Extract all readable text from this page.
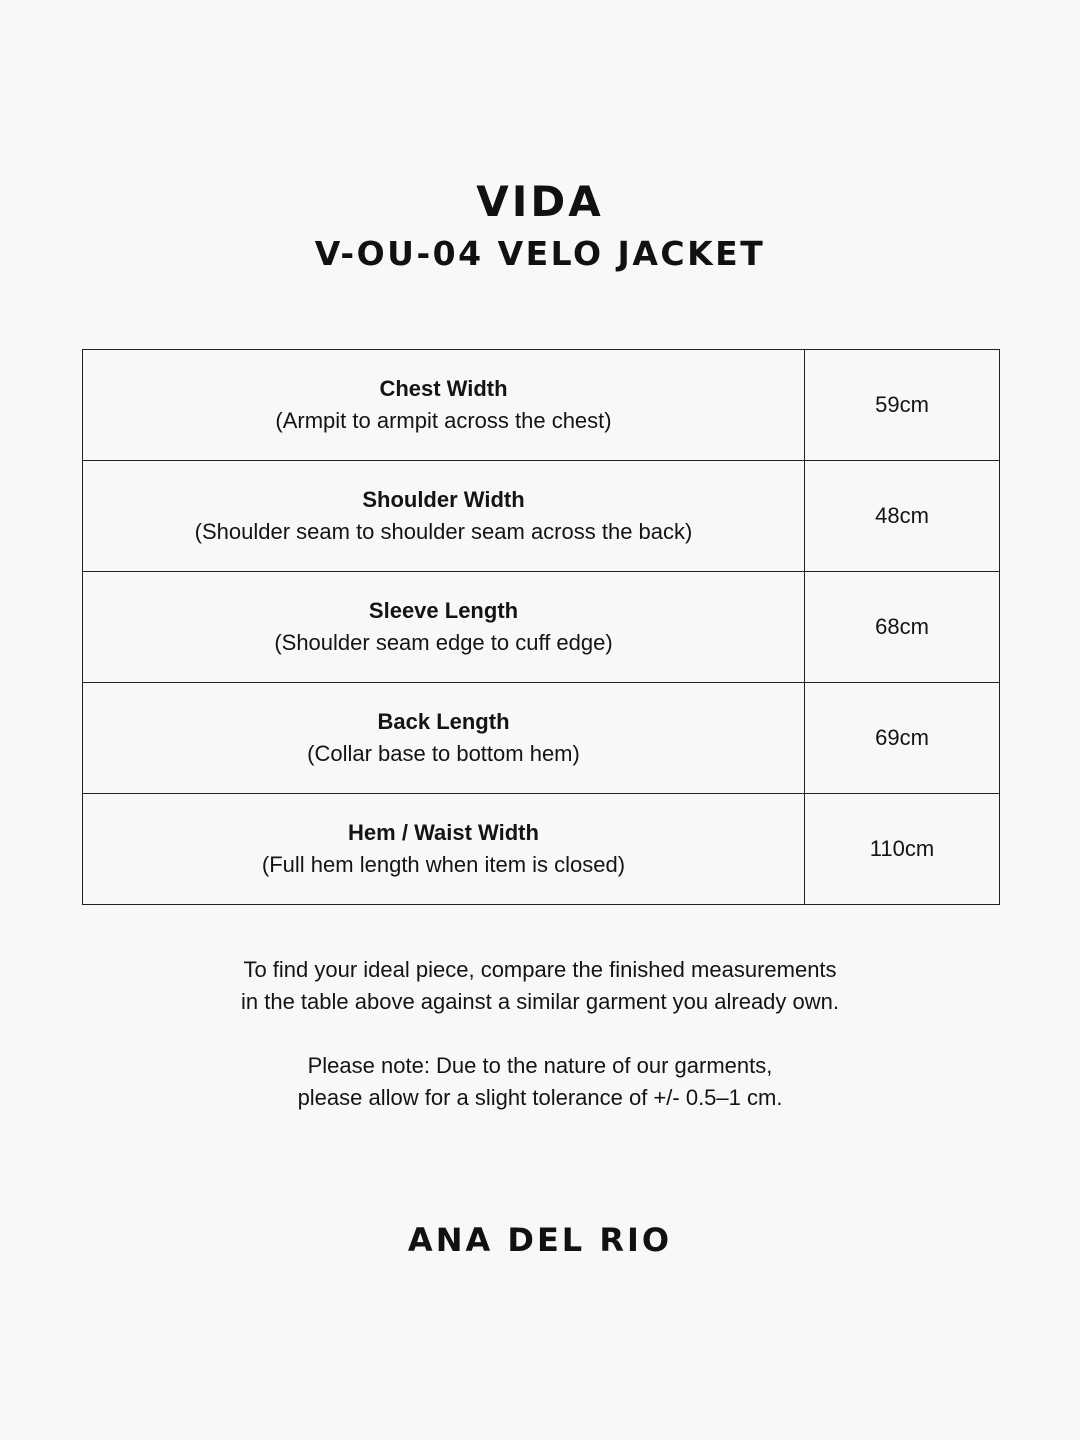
VIDA
V-OU-04 VELO JACKET
Chest Width
(Armpit to armpit across the chest)	59cm

Shoulder Width
(Shoulder seam to shoulder seam across the back)	48cm

Sleeve Length
(Shoulder seam edge to cuff edge)	68cm

Back Length
(Collar base to bottom hem)	69cm

Hem / Waist Width
(Full hem length when item is closed)	110cm

To find your ideal piece, compare the finished measurements

in the table above against a similar garment you already own.

Please note: Due to the nature of our garments,

please allow for a slight tolerance of +/- 0.5–1 cm.

ANA DEL RIO
